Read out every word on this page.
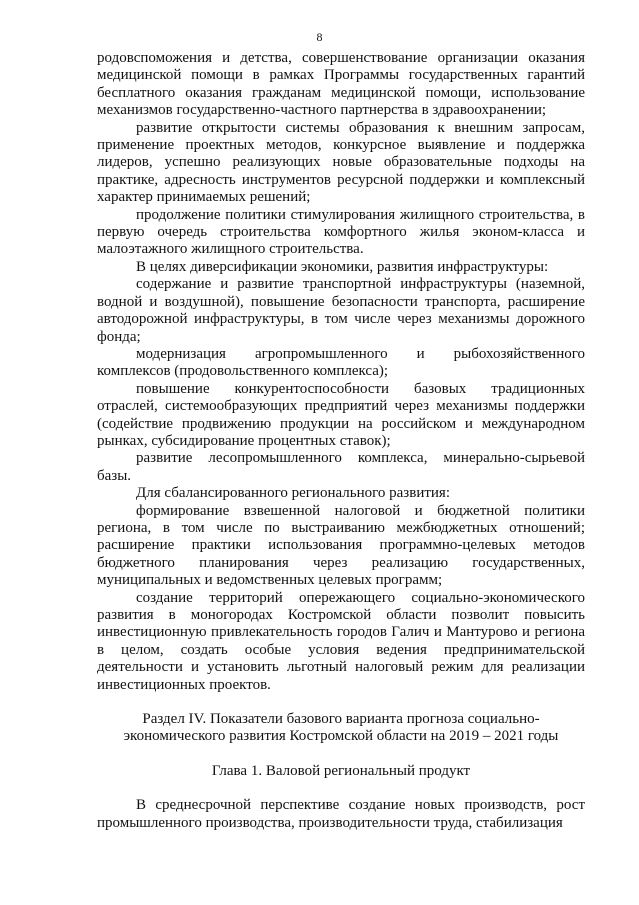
8

родовспоможения и детства, совершенствование организации оказания медицинской помощи в рамках Программы государственных гарантий бесплатного оказания гражданам медицинской помощи, использование механизмов государственно-частного партнерства в здравоохранении;

развитие открытости системы образования к внешним запросам, применение проектных методов, конкурсное выявление и поддержка лидеров, успешно реализующих новые образовательные подходы на практике, адресность инструментов ресурсной поддержки и комплексный характер принимаемых решений;

продолжение политики стимулирования жилищного строительства, в первую очередь строительства комфортного жилья эконом-класса и малоэтажного жилищного строительства.

В целях диверсификации экономики, развития инфраструктуры:

содержание и развитие транспортной инфраструктуры (наземной, водной и воздушной), повышение безопасности транспорта, расширение автодорожной инфраструктуры, в том числе через механизмы дорожного фонда;

модернизация агропромышленного и рыбохозяйственного комплексов (продовольственного комплекса);

повышение конкурентоспособности базовых традиционных отраслей, системообразующих предприятий через механизмы поддержки (содействие продвижению продукции на российском и международном рынках, субсидирование процентных ставок);

развитие лесопромышленного комплекса, минерально-сырьевой базы.

Для сбалансированного регионального развития:

формирование взвешенной налоговой и бюджетной политики региона, в том числе по выстраиванию межбюджетных отношений; расширение практики использования программно-целевых методов бюджетного планирования через реализацию государственных, муниципальных и ведомственных целевых программ;

создание территорий опережающего социально-экономического развития в моногородах Костромской области позволит повысить инвестиционную привлекательность городов Галич и Мантурово и региона в целом, создать особые условия ведения предпринимательской деятельности и установить льготный налоговый режим для реализации инвестиционных проектов.

Раздел IV. Показатели базового варианта прогноза социально-
экономического развития Костромской области на 2019 – 2021 годы
Глава 1. Валовой региональный продукт

В среднесрочной перспективе создание новых производств, рост промышленного производства, производительности труда, стабилизация
